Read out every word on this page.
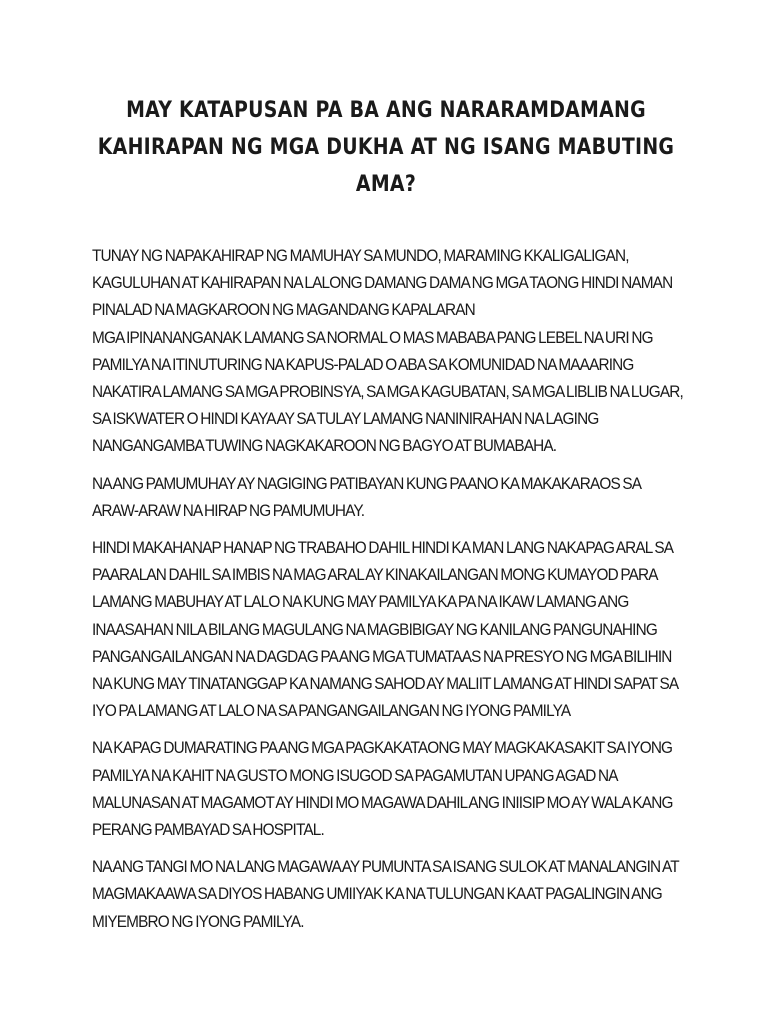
MAY KATAPUSAN PA BA ANG NARARAMDAMANG KAHIRAPAN NG MGA DUKHA AT NG ISANG MABUTING AMA?

TUNAY NG NAPAKAHIRAP NG MAMUHAY SA MUNDO, MARAMING KKALIGALIGAN, KAGULUHAN AT KAHIRAPAN NA LALONG DAMANG DAMA NG MGA TAONG HINDI NAMAN PINALAD NA MAGKAROON NG MAGANDANG KAPALARAN

MGA IPINANANGANAK LAMANG SA NORMAL O MAS MABABA PANG LEBEL NA URI NG PAMILYA NA ITINUTURING NA KAPUS-PALAD O ABA SA KOMUNIDAD NA MAAARING NAKATIRA LAMANG SA MGA PROBINSYA, SA MGA KAGUBATAN, SA MGA LIBLIB NA LUGAR, SA ISKWATER O HINDI KAYA AY SA TULAY LAMANG NANINIRAHAN NA LAGING NANGANGAMBA TUWING NAGKAKAROON NG BAGYO AT BUMABAHA.

NA ANG PAMUMUHAY AY NAGIGING PATIBAYAN KUNG PAANO KA MAKAKARAOS SA ARAW-ARAW NA HIRAP NG PAMUMUHAY.

HINDI MAKAHANAP HANAP NG TRABAHO DAHIL HINDI KA MAN LANG NAKAPAG ARAL SA PAARALAN DAHIL SA IMBIS NA MAG ARAL AY KINAKAILANGAN MONG KUMAYOD PARA LAMANG MABUHAY AT LALO NA KUNG MAY PAMILYA KA PA NA IKAW LAMANG ANG INAASAHAN NILA BILANG MAGULANG NA MAGBIBIGAY NG KANILANG PANGUNAHING PANGANGAILANGAN NA DAGDAG PA ANG MGA TUMATAAS NA PRESYO NG MGA BILIHIN NA KUNG MAY TINATANGGAP KA NAMANG SAHOD AY MALIIT LAMANG AT HINDI SAPAT SA IYO PA LAMANG AT LALO NA SA PANGANGAILANGAN NG IYONG PAMILYA

NA KAPAG DUMARATING PA ANG MGA PAGKAKATAONG MAY MAGKAKASAKIT SA IYONG PAMILYA NA KAHIT NA GUSTO MONG ISUGOD SA PAGAMUTAN UPANG AGAD NA MALUNASAN AT MAGAMOT AY HINDI MO MAGAWA DAHIL ANG INIISIP MO AY WALA KANG PERANG PAMBAYAD SA HOSPITAL.

NA ANG TANGI MO NA LANG MAGAWA AY PUMUNTA SA ISANG SULOK AT MANALANGIN AT MAGMAKAAWA SA DIYOS HABANG UMIIYAK KA NA TULUNGAN KA AT PAGALINGIN ANG MIYEMBRO NG IYONG PAMILYA.
